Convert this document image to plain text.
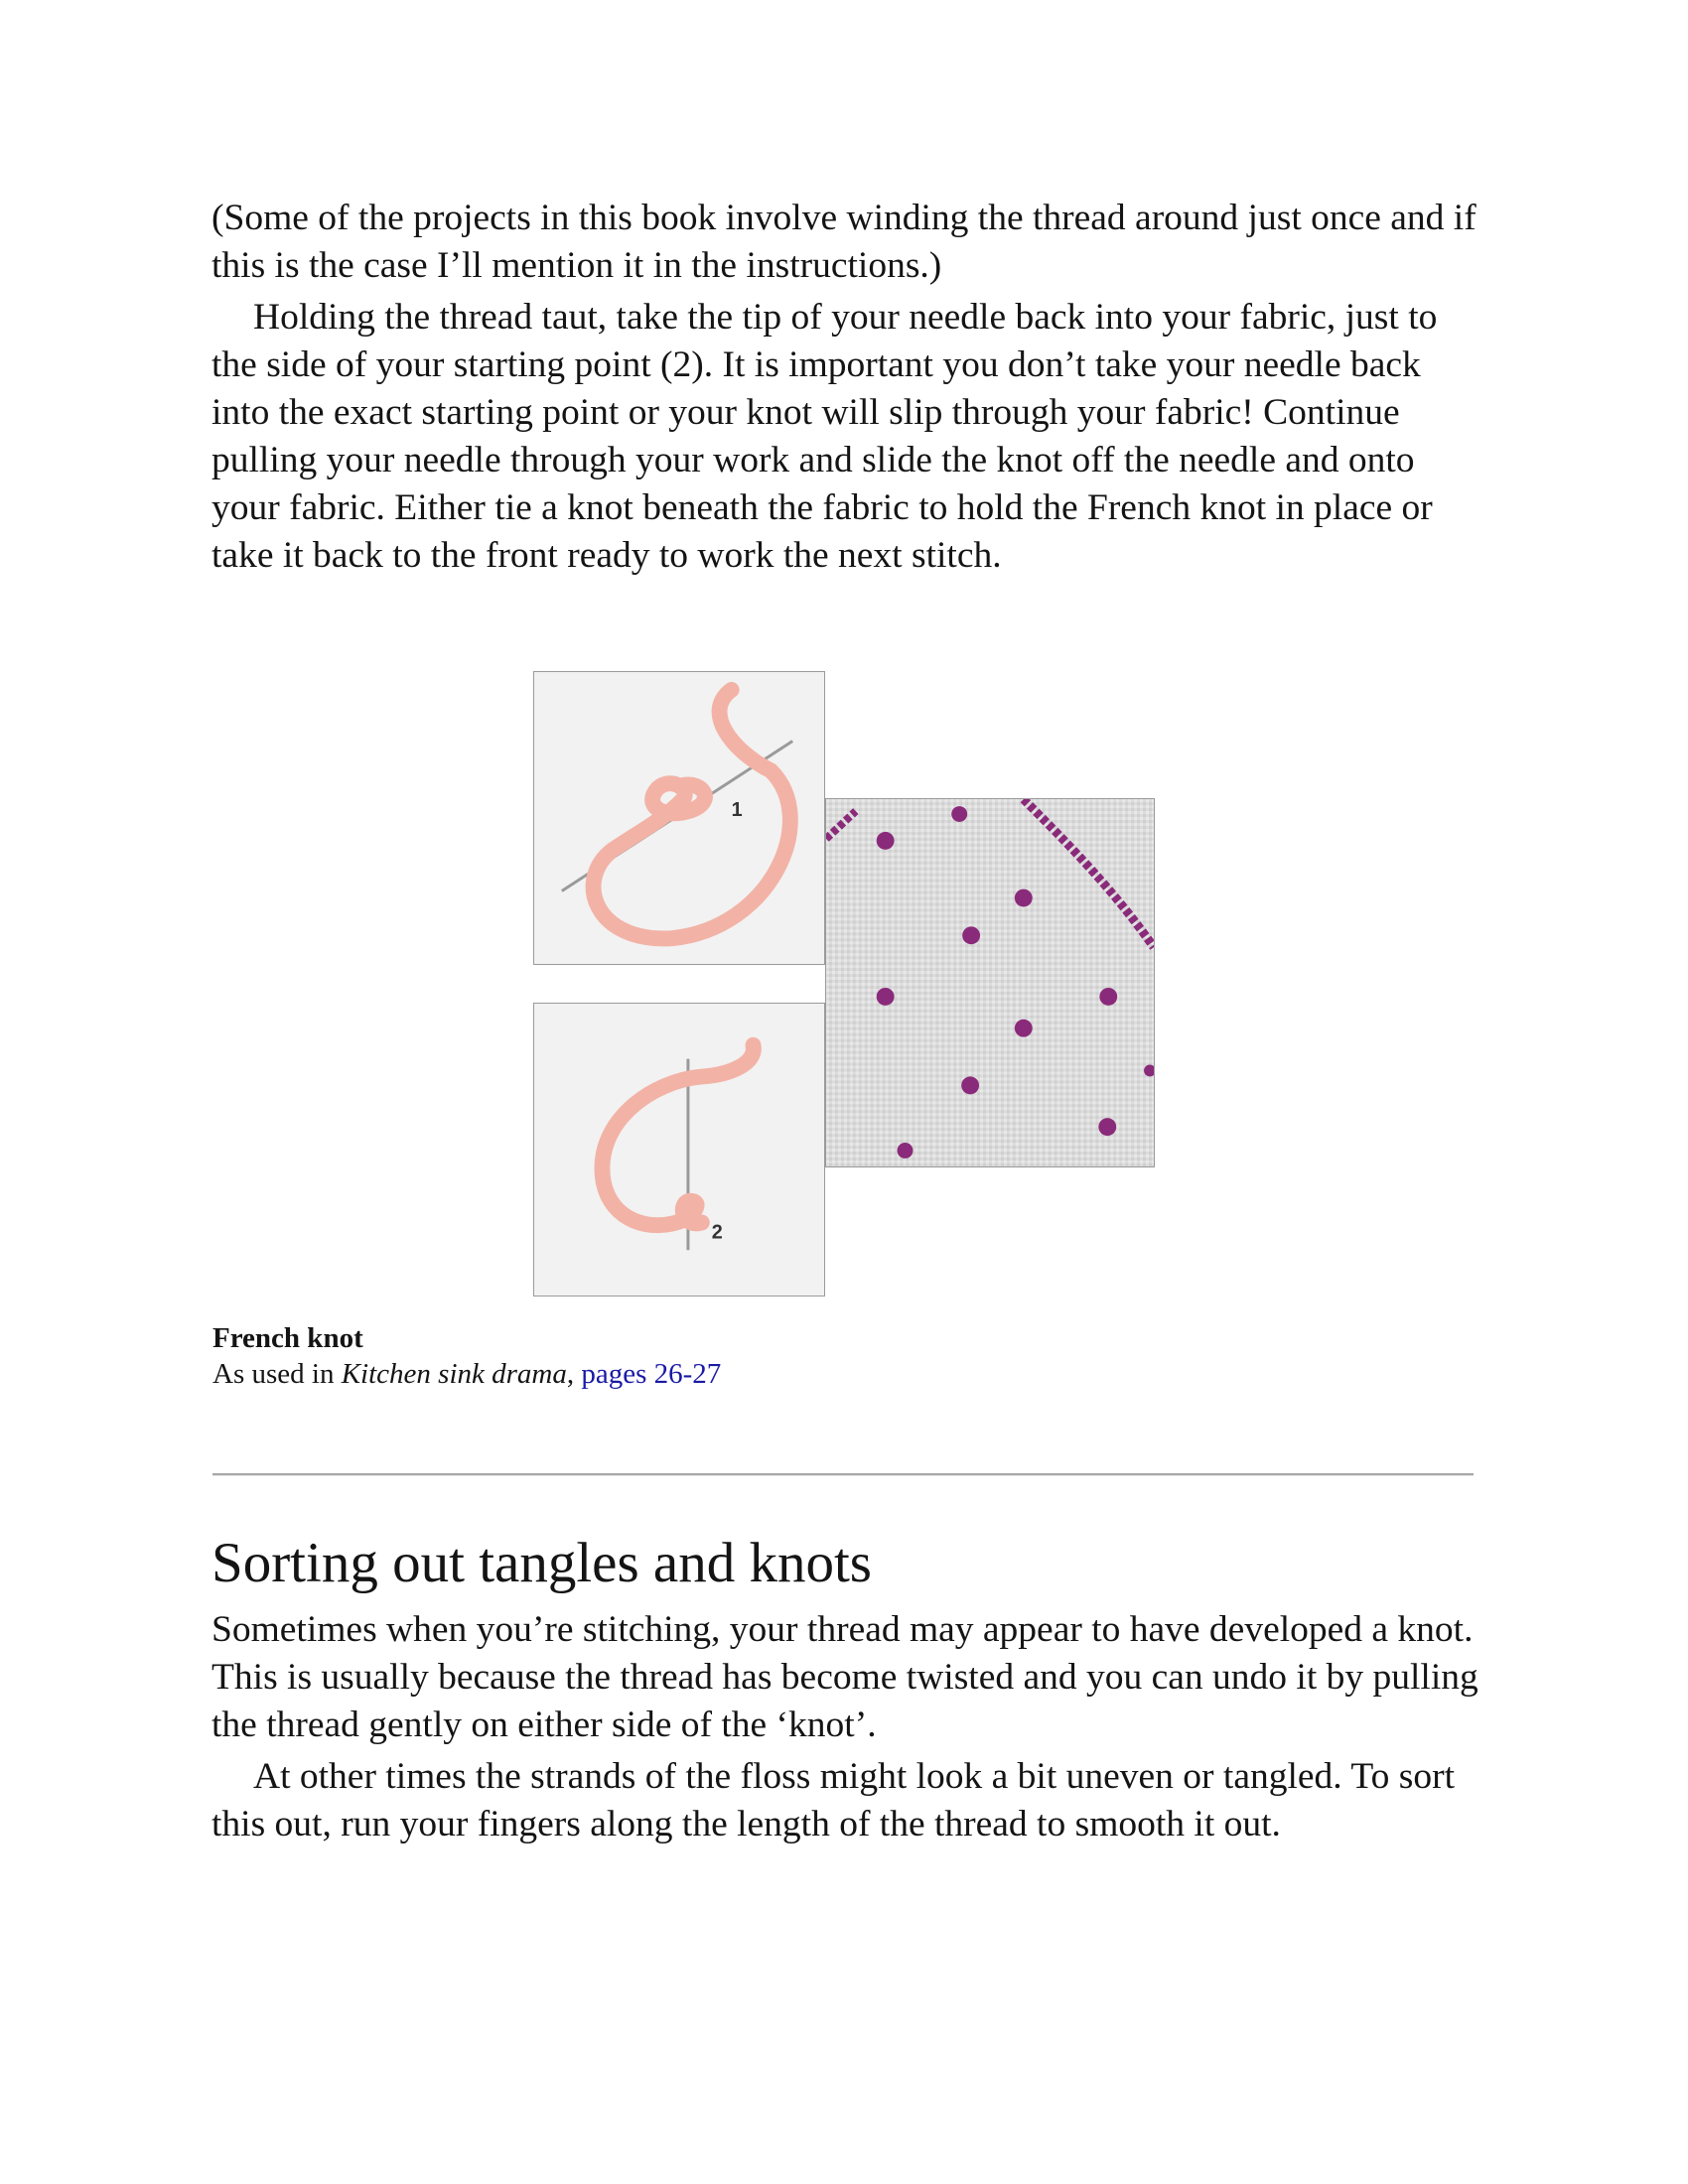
(Some of the projects in this book involve winding the thread around just once and if this is the case I’ll mention it in the instructions.)

Holding the thread taut, take the tip of your needle back into your fabric, just to the side of your starting point (2). It is important you don’t take your needle back into the exact starting point or your knot will slip through your fabric! Continue pulling your needle through your work and slide the knot off the needle and onto your fabric. Either tie a knot beneath the fabric to hold the French knot in place or take it back to the front ready to work the next stitch.

1
2
French knot
As used in Kitchen sink drama, pages 26-27
Sorting out tangles and knots

Sometimes when you’re stitching, your thread may appear to have developed a knot. This is usually because the thread has become twisted and you can undo it by pulling the thread gently on either side of the ‘knot’.

At other times the strands of the floss might look a bit uneven or tangled. To sort this out, run your fingers along the length of the thread to smooth it out.
